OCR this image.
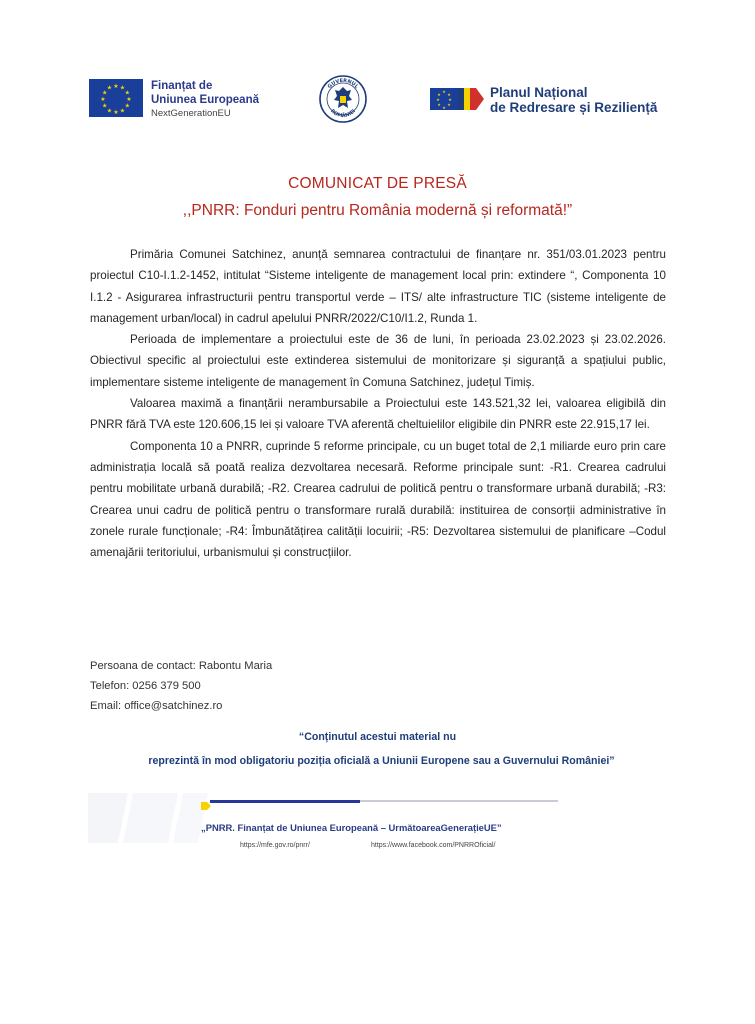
★ ★
★
★
★
★
★
★
★
★
★
★	Finanțat de
Uniunea Europeană
NextGenerationEU
GUVERNUL
ROMÂNIEI
★
★
★
★
★
★
★
★	Planul Național
de Redresare și Reziliență
COMUNICAT DE PRESĂ
,,PNRR: Fonduri pentru România modernă și reformată!”

Primăria Comunei Satchinez, anunță semnarea contractului de finanțare nr. 351/03.01.2023 pentru proiectul C10-I.1.2-1452, intitulat “Sisteme inteligente de management local prin: extindere “, Componenta 10 I.1.2 - Asigurarea infrastructurii pentru transportul verde – ITS/ alte infrastructure TIC (sisteme inteligente de management urban/local) in cadrul apelului PNRR/2022/C10/I1.2, Runda 1.

Perioada de implementare a proiectului este de 36 de luni, în perioada 23.02.2023 și 23.02.2026. Obiectivul specific al proiectului este extinderea sistemului de monitorizare și siguranță a spațiului public, implementare sisteme inteligente de management în Comuna Satchinez, județul Timiș.

Valoarea maximă a finanțării nerambursabile a Proiectului este 143.521,32 lei, valoarea eligibilă din PNRR fără TVA este 120.606,15 lei și valoare TVA aferentă cheltuielilor eligibile din PNRR este 22.915,17 lei.

Componenta 10 a PNRR, cuprinde 5 reforme principale, cu un buget total de 2,1 miliarde euro prin care administrația locală să poată realiza dezvoltarea necesară. Reforme principale sunt: -R1. Crearea cadrului pentru mobilitate urbană durabilă; -R2. Crearea cadrului de politică pentru o transformare urbană durabilă; -R3: Crearea unui cadru de politică pentru o transformare rurală durabilă: instituirea de consorții administrative în zonele rurale funcționale; -R4: Îmbunătățirea calității locuirii; -R5: Dezvoltarea sistemului de planificare –Codul amenajării teritoriului, urbanismului și construcțiilor.

Persoana de contact: Rabontu Maria
Telefon: 0256 379 500
Email: office@satchinez.ro
“Conținutul acestui material nu
reprezintă în mod obligatoriu poziția oficială a Uniunii Europene sau a Guvernului României”
„PNRR. Finanțat de Uniunea Europeană – UrmătoareaGenerațieUE”
https://mfe.gov.ro/pnrr/	https://www.facebook.com/PNRROficial/
